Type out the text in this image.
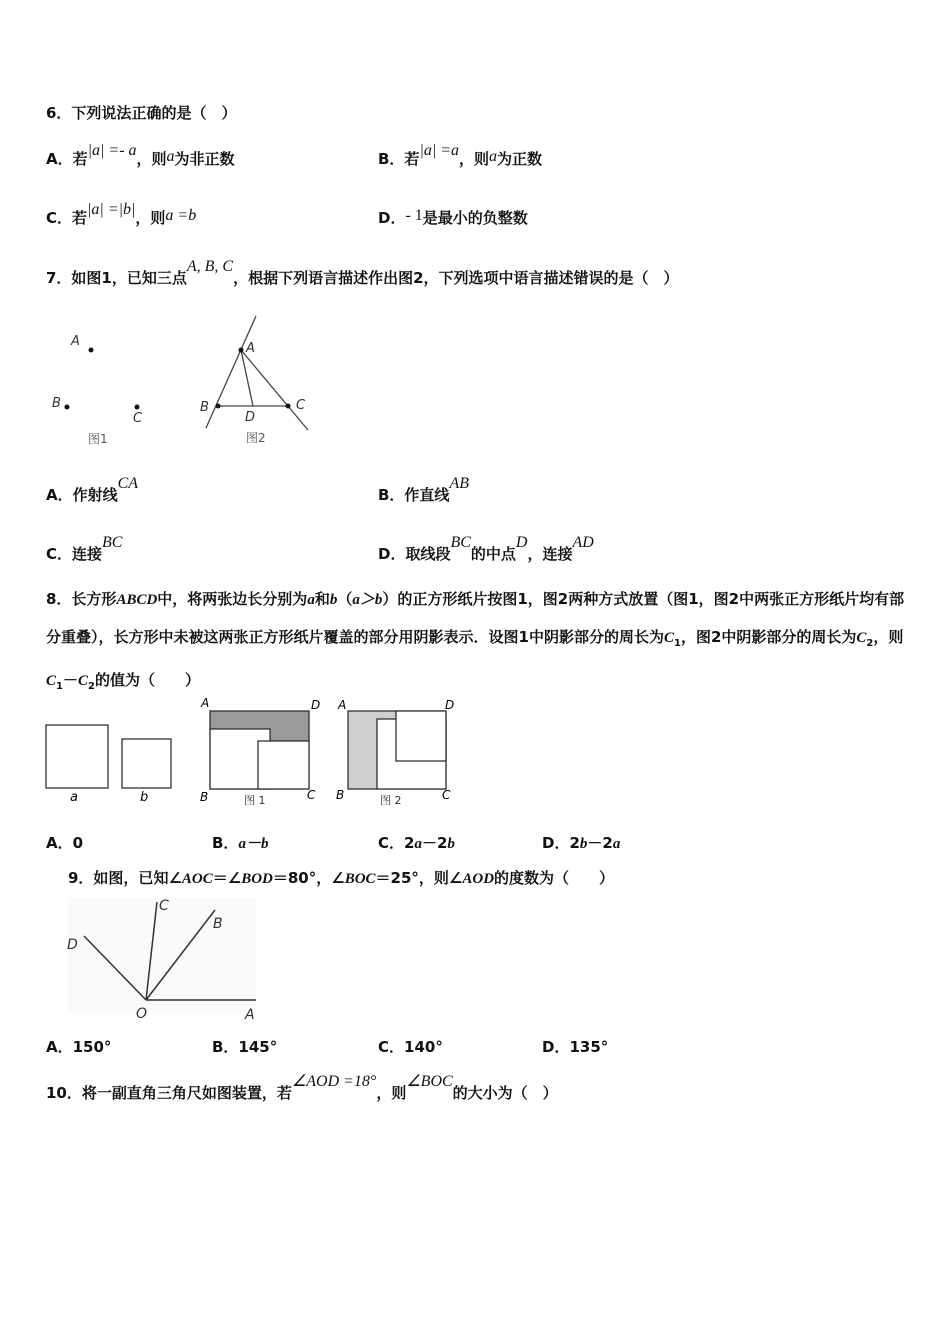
6．下列说法正确的是（　）
A．若|a| =- a，则a为非正数	B．若|a| =a，则a为正数
C．若|a| =|b|，则a =b	D．- 1是最小的负整数
7．如图1，已知三点A, B, C，根据下列语言描述作出图2，下列选项中语言描述错误的是（　）
A
B
C
图1
A
B	C
D
图2
A．作射线CA
B．作直线AB
C．连接BC
D．取线段BC的中点D，连接AD
8．长方形ABCD中，将两张边长分别为a和b（a＞b）的正方形纸片按图1，图2两种方式放置（图1，图2中两张正方形纸片均有部分重叠），长方形中未被这两张正方形纸片覆盖的部分用阴影表示．设图1中阴影部分的周长为$C_1$，图2中阴影部分的周长为$C_2$，则$C_1-C_2$的值为（　　）
a	b
A	D
B	C
图 1
A	D
B	C
图 2
A．0	B．a－b	C．2a－2b	D．2b－2a
9．如图，已知∠AOC＝∠BOD＝80°，∠BOC＝25°，则∠AOD的度数为（　　）
O	A
B
C
D
A．150°	B．145°	C．140°	D．135°
10．将一副直角三角尺如图装置，若∠AOD =18°，则∠BOC的大小为（　）
